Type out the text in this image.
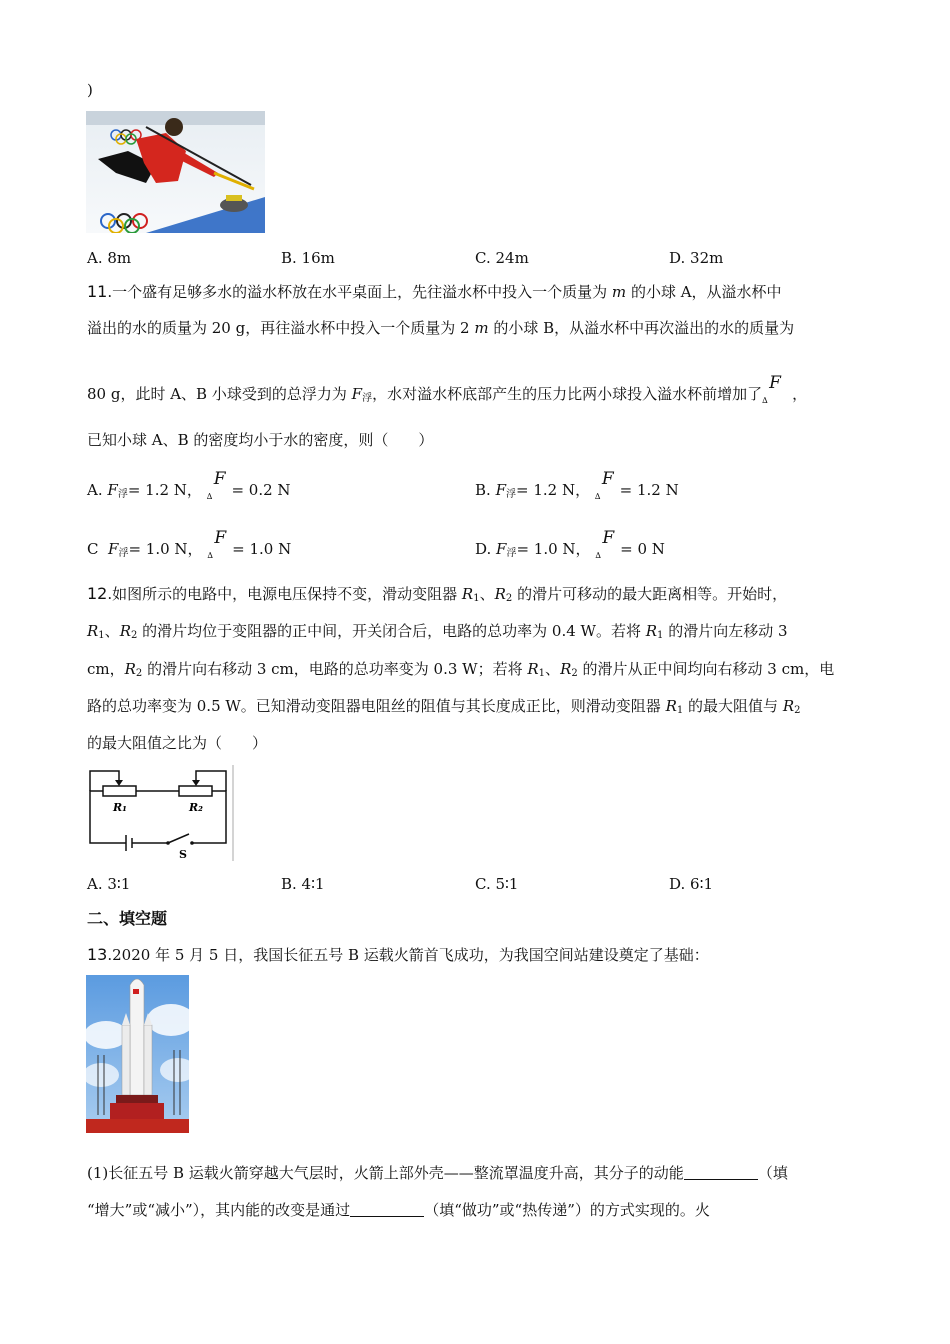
)
A. 8m	B. 16m	C. 24m	D. 32m
11.一个盛有足够多水的溢水杯放在水平桌面上，先往溢水杯中投入一个质量为 m 的小球 A，从溢水杯中
溢出的水的质量为 20 g，再往溢水杯中投入一个质量为 2 m 的小球 B，从溢水杯中再次溢出的水的质量为
80 g，此时 A、B 小球受到的总浮力为 $F_浮$，水对溢水杯底部产生的压力比两小球投入溢水杯前增加了 ∆
F
，
已知小球 A、B 的密度均小于水的密度，则（　　）
A. $F_浮= 1.2$ N， ∆
F
= 0.2 N	B. $F_浮= 1.2$ N， ∆
F
= 1.2 N
C $F_浮= 1.0$ N， ∆
F
= 1.0 N	D. $F_浮= 1.0$ N， ∆
F
= 0 N
12.如图所示的电路中，电源电压保持不变，滑动变阻器 $R_1$、$R_2$ 的滑片可移动的最大距离相等。开始时，
$R_1$、$R_2$ 的滑片均位于变阻器的正中间，开关闭合后，电路的总功率为 0.4 W。若将 $R_1$ 的滑片向左移动 3
cm，$R_2$ 的滑片向右移动 3 cm，电路的总功率变为 0.3 W；若将 $R_1$、$R_2$ 的滑片从正中间均向右移动 3 cm，电
路的总功率变为 0.5 W。已知滑动变阻器电阻丝的阻值与其长度成正比，则滑动变阻器 $R_1$ 的最大阻值与 $R_2$
的最大阻值之比为（　　）
R₁	R₂
S
A. 3∶1	B. 4∶1	C. 5∶1	D. 6∶1
二、填空题
13.2020 年 5 月 5 日，我国长征五号 B 运载火箭首飞成功，为我国空间站建设奠定了基础：
(1)长征五号 B 运载火箭穿越大气层时，火箭上部外壳——整流罩温度升高，其分子的动能	（填
“增大”或“减小”），其内能的改变是通过	（填“做功”或“热传递”）的方式实现的。火
